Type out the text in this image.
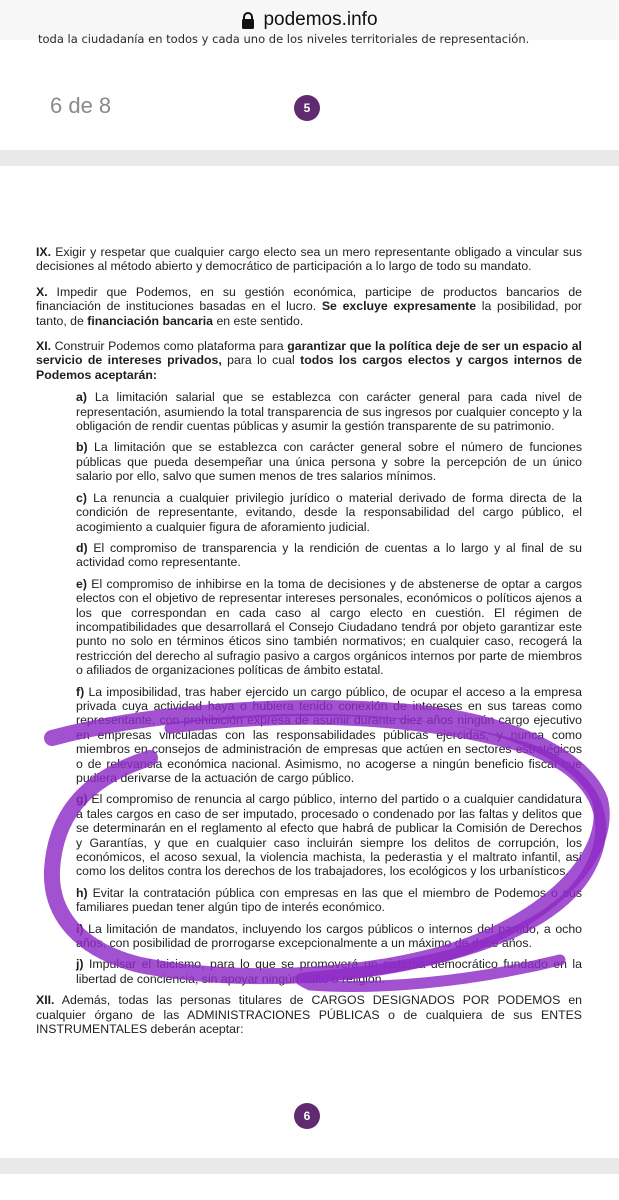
podemos.info
toda la ciudadanía en todos y cada uno de los niveles territoriales de representación.
6 de 8	5

IX. Exigir y respetar que cualquier cargo electo sea un mero representante obligado a vincular sus decisiones al método abierto y democrático de participación a lo largo de todo su mandato.

X. Impedir que Podemos, en su gestión económica, participe de productos bancarios de financiación de instituciones basadas en el lucro. Se excluye expresamente la posibilidad, por tanto, de financiación bancaria en este sentido.

XI. Construir Podemos como plataforma para garantizar que la política deje de ser un espacio al servicio de intereses privados, para lo cual todos los cargos electos y cargos internos de Podemos aceptarán:

a) La limitación salarial que se establezca con carácter general para cada nivel de representación, asumiendo la total transparencia de sus ingresos por cualquier concepto y la obligación de rendir cuentas públicas y asumir la gestión transparente de su patrimonio.

b) La limitación que se establezca con carácter general sobre el número de funciones públicas que pueda desempeñar una única persona y sobre la percepción de un único salario por ello, salvo que sumen menos de tres salarios mínimos.

c) La renuncia a cualquier privilegio jurídico o material derivado de forma directa de la condición de representante, evitando, desde la responsabilidad del cargo público, el acogimiento a cualquier figura de aforamiento judicial.

d) El compromiso de transparencia y la rendición de cuentas a lo largo y al final de su actividad como representante.

e) El compromiso de inhibirse en la toma de decisiones y de abstenerse de optar a cargos electos con el objetivo de representar intereses personales, económicos o políticos ajenos a los que correspondan en cada caso al cargo electo en cuestión. El régimen de incompatibilidades que desarrollará el Consejo Ciudadano tendrá por objeto garantizar este punto no solo en términos éticos sino también normativos; en cualquier caso, recogerá la restricción del derecho al sufragio pasivo a cargos orgánicos internos por parte de miembros o afiliados de organizaciones políticas de ámbito estatal.

f) La imposibilidad, tras haber ejercido un cargo público, de ocupar el acceso a la empresa privada cuya actividad haya o hubiera tenido conexión de intereses en sus tareas como representante, con prohibición expresa de asumir durante diez años ningún cargo ejecutivo en empresas vinculadas con las responsabilidades públicas ejercidas, y nunca como miembros en consejos de administración de empresas que actúen en sectores estratégicos o de relevancia económica nacional. Asimismo, no acogerse a ningún beneficio fiscal que pudiera derivarse de la actuación de cargo público.

g) El compromiso de renuncia al cargo público, interno del partido o a cualquier candidatura a tales cargos en caso de ser imputado, procesado o condenado por las faltas y delitos que se determinarán en el reglamento al efecto que habrá de publicar la Comisión de Derechos y Garantías, y que en cualquier caso incluirán siempre los delitos de corrupción, los económicos, el acoso sexual, la violencia machista, la pederastia y el maltrato infantil, así como los delitos contra los derechos de los trabajadores, los ecológicos y los urbanísticos.

h) Evitar la contratación pública con empresas en las que el miembro de Podemos o sus familiares puedan tener algún tipo de interés económico.

i) La limitación de mandatos, incluyendo los cargos públicos o internos del partido, a ocho años, con posibilidad de prorrogarse excepcionalmente a un máximo de doce años.

j) Impulsar el laicismo, para lo que se promoverá un sistema democrático fundado en la libertad de conciencia, sin apoyar ningún culto o religión.

XII. Además, todas las personas titulares de CARGOS DESIGNADOS POR PODEMOS en cualquier órgano de las ADMINISTRACIONES PÚBLICAS o de cualquiera de sus ENTES INSTRUMENTALES deberán aceptar:

6
